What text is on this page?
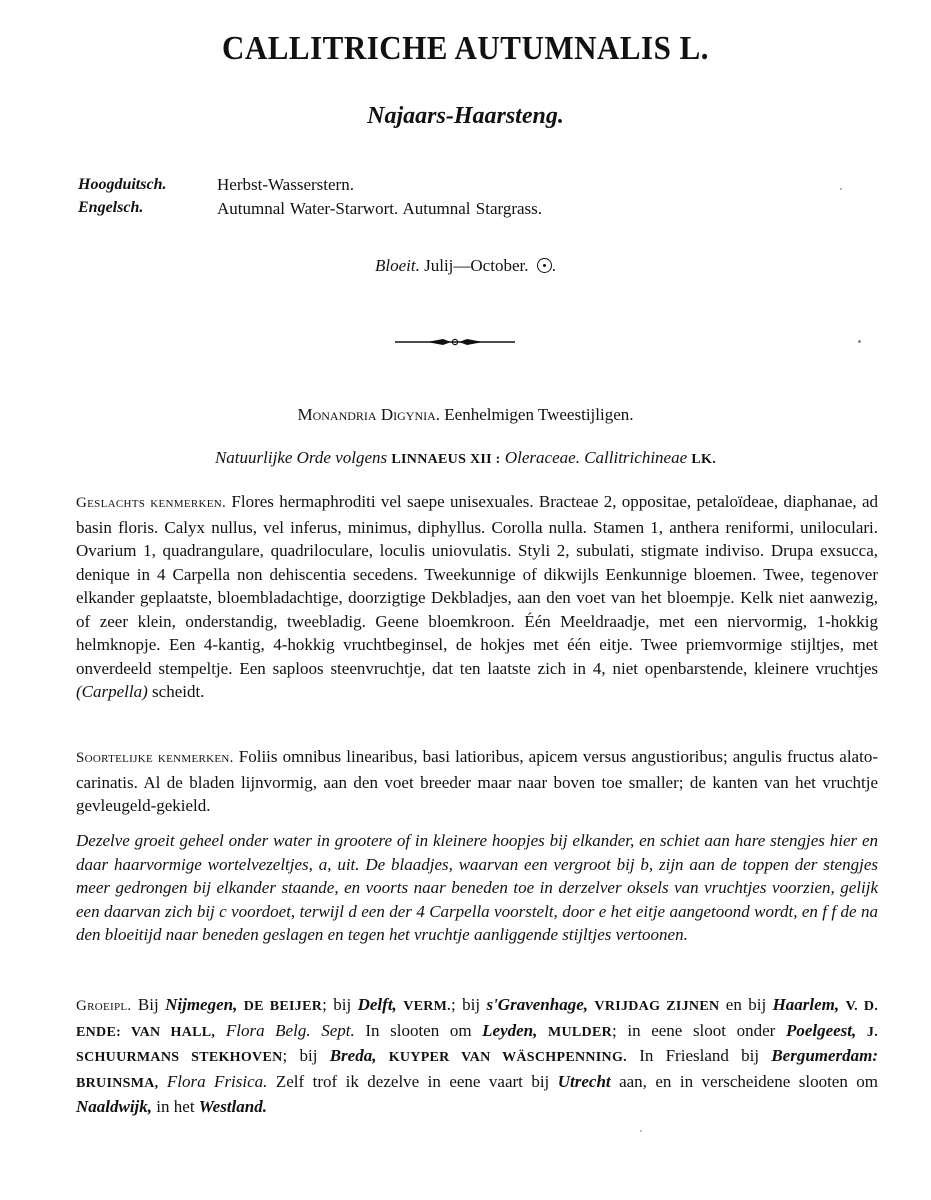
CALLITRICHE AUTUMNALIS L.
Najaars-Haarsteng.
Hoogduitsch.	Herbst-Wasserstern.
Engelsch.	Autumnal Water-Starwort. Autumnal Stargrass.
Bloeit. Julij—October. .
Monandria Digynia. Eenhelmigen Tweestijligen.
Natuurlijke Orde volgens LINNAEUS XII : Oleraceae. Callitrichineae LK.
Geslachts kenmerken. Flores hermaphroditi vel saepe unisexuales. Bracteae 2, oppositae, petaloïdeae, diaphanae, ad basin floris. Calyx nullus, vel inferus, minimus, diphyllus. Corolla nulla. Stamen 1, anthera reniformi, uniloculari. Ovarium 1, quadrangulare, quadriloculare, loculis uniovulatis. Styli 2, subulati, stigmate indiviso. Drupa exsucca, denique in 4 Carpella non dehiscentia secedens. Tweekunnige of dikwijls Eenkunnige bloemen. Twee, tegenover elkander geplaatste, bloembladachtige, doorzigtige Dekbladjes, aan den voet van het bloempje. Kelk niet aanwezig, of zeer klein, onderstandig, tweebladig. Geene bloemkroon. Één Meeldraadje, met een niervormig, 1-hokkig helmknopje. Een 4-kantig, 4-hokkig vruchtbeginsel, de hokjes met één eitje. Twee priemvormige stijltjes, met onverdeeld stempeltje. Een saploos steenvruchtje, dat ten laatste zich in 4, niet openbarstende, kleinere vruchtjes (Carpella) scheidt.
Soortelijke kenmerken. Foliis omnibus linearibus, basi latioribus, apicem versus angustioribus; angulis fructus alato-carinatis. Al de bladen lijnvormig, aan den voet breeder maar naar boven toe smaller; de kanten van het vruchtje gevleugeld-gekield.
Dezelve groeit geheel onder water in grootere of in kleinere hoopjes bij elkander, en schiet aan hare stengjes hier en daar haarvormige wortelvezeltjes, a, uit. De blaadjes, waarvan een vergroot bij b, zijn aan de toppen der stengjes meer gedrongen bij elkander staande, en voorts naar beneden toe in derzelver oksels van vruchtjes voorzien, gelijk een daarvan zich bij c voordoet, terwijl d een der 4 Carpella voorstelt, door e het eitje aangetoond wordt, en f f de na den bloeitijd naar beneden geslagen en tegen het vruchtje aanliggende stijltjes vertoonen.
Groeipl. Bij Nijmegen, DE BEIJER; bij Delft, VERM.; bij s'Gravenhage, VRIJDAG ZIJNEN en bij Haarlem, V. D. ENDE: VAN HALL, Flora Belg. Sept. In slooten om Leyden, MULDER; in eene sloot onder Poelgeest, J. SCHUURMANS STEKHOVEN; bij Breda, KUYPER VAN WÄSCHPENNING. In Friesland bij Bergumerdam: BRUINSMA, Flora Frisica. Zelf trof ik dezelve in eene vaart bij Utrecht aan, en in verscheidene slooten om Naaldwijk, in het Westland.
